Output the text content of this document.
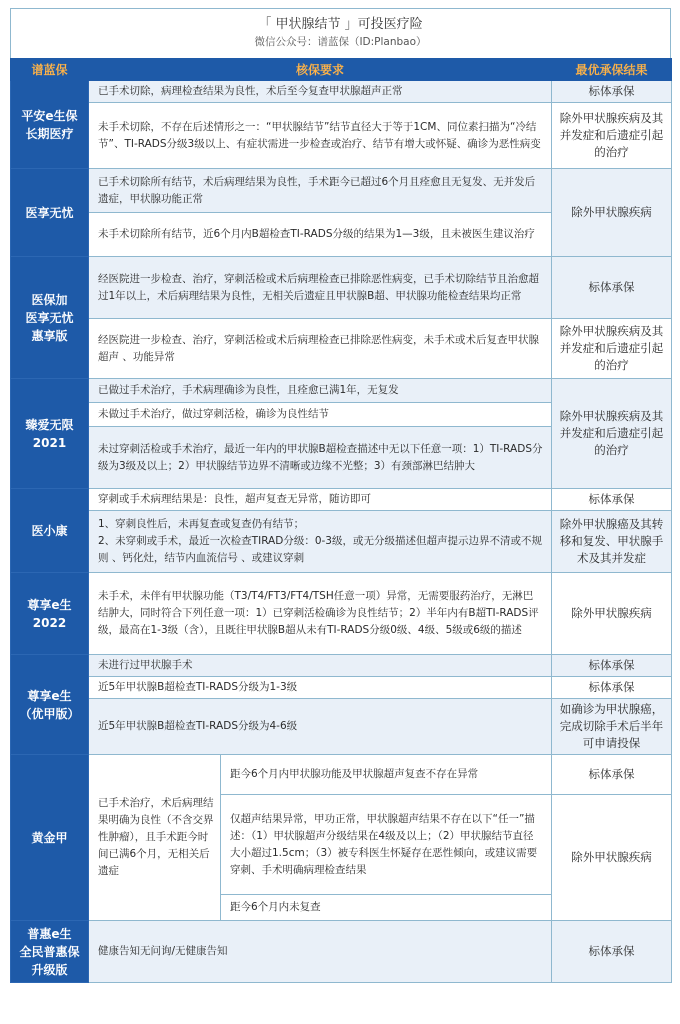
「 甲状腺结节 」可投医疗险
微信公众号：谱蓝保（ID:Planbao）
谱蓝保	核保要求		最优承保结果
平安e生保
长期医疗	已手术切除，病理检查结果为良性，术后至今复查甲状腺超声正常		标体承保
	未手术切除，不存在后述情形之一：“甲状腺结节”结节直径大于等于1CM、同位素扫描为“冷结节”、TI-RADS分级3级以上、有症状需进一步检查或治疗、结节有增大或怀疑、确诊为恶性病变		除外甲状腺疾病及其并发症和后遗症引起的治疗
医享无忧	已手术切除所有结节，术后病理结果为良性，手术距今已超过6个月且痊愈且无复发、无并发后遗症，甲状腺功能正常		除外甲状腺疾病
	未手术切除所有结节，近6个月内B超检查TI-RADS分级的结果为1—3级，且未被医生建议治疗		
医保加
医享无忧
惠享版	经医院进一步检查、治疗，穿刺活检或术后病理检查已排除恶性病变，已手术切除结节且治愈超过1年以上，术后病理结果为良性，无相关后遗症且甲状腺B超、甲状腺功能检查结果均正常		标体承保
	经医院进一步检查、治疗，穿刺活检或术后病理检查已排除恶性病变，未手术或术后复查甲状腺超声 、功能异常		除外甲状腺疾病及其并发症和后遗症引起的治疗
臻爱无限
2021	已做过手术治疗，手术病理确诊为良性，且痊愈已满1年，无复发		除外甲状腺疾病及其并发症和后遗症引起的治疗
	未做过手术治疗，做过穿刺活检，确诊为良性结节		
	未过穿刺活检或手术治疗，最近一年内的甲状腺B超检查描述中无以下任意一项：1）TI-RADS分级为3级及以上；2）甲状腺结节边界不清晰或边缘不光整；3）有颈部淋巴结肿大		
医小康	穿刺或手术病理结果是：良性，超声复查无异常，随访即可		标体承保
	1、穿刺良性后，未再复查或复查仍有结节；
2、未穿刺或手术，最近一次检查TIRAD分级：0-3级，或无分级描述但超声提示边界不清或不规则 、钙化灶，结节内血流信号 、或建议穿刺		除外甲状腺癌及其转移和复发、甲状腺手术及其并发症
尊享e生
2022	未手术，未伴有甲状腺功能（T3/T4/FT3/FT4/TSH任意一项）异常，无需要服药治疗，无淋巴结肿大，同时符合下列任意一项：1）已穿刺活检确诊为良性结节；2）半年内有B超TI-RADS评级，最高在1-3级（含），且既往甲状腺B超从未有TI-RADS分级0级、4级、5级或6级的描述		除外甲状腺疾病
尊享e生
（优甲版）	未进行过甲状腺手术		标体承保
	近5年甲状腺B超检查TI-RADS分级为1-3级		标体承保
	近5年甲状腺B超检查TI-RADS分级为4-6级		如确诊为甲状腺癌，完成切除手术后半年可申请投保
黄金甲	已手术治疗，术后病理结果明确为良性（不含交界性肿瘤），且手术距今时间已满6个月，无相关后遗症	距今6个月内甲状腺功能及甲状腺超声复查不存在异常	标体承保
		仅超声结果异常，甲功正常，甲状腺超声结果不存在以下“任一”描述：（1）甲状腺超声分级结果在4级及以上；（2）甲状腺结节直径大小超过1.5cm；（3）被专科医生怀疑存在恶性倾向，或建议需要穿刺、手术明确病理检查结果	除外甲状腺疾病
		距今6个月内未复查	
普惠e生
全民普惠保
升级版	健康告知无问询/无健康告知		标体承保
